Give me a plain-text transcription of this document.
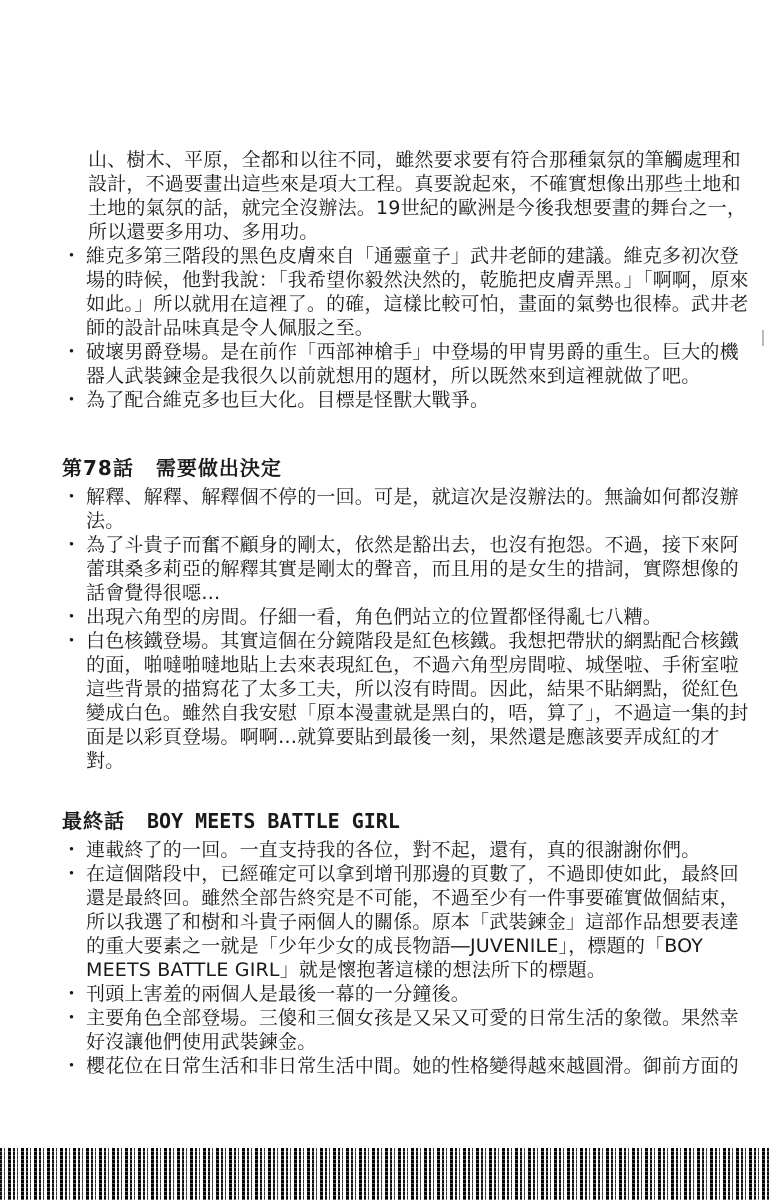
山、樹木、平原，全都和以往不同，雖然要求要有符合那種氣氛的筆觸處理和

設計，不過要畫出這些來是項大工程。真要說起來，不確實想像出那些土地和

土地的氣氛的話，就完全沒辦法。19世紀的歐洲是今後我想要畫的舞台之一，

所以還要多用功、多用功。

・ 維克多第三階段的黑色皮膚來自「通靈童子」武井老師的建議。維克多初次登場的時候，他對我說：「我希望你毅然決然的，乾脆把皮膚弄黑。」「啊啊，原來如此。」所以就用在這裡了。的確，這樣比較可怕，畫面的氣勢也很棒。武井老師的設計品味真是令人佩服之至。
・ 破壞男爵登場。是在前作「西部神槍手」中登場的甲冑男爵的重生。巨大的機器人武裝鍊金是我很久以前就想用的題材，所以既然來到這裡就做了吧。
・ 為了配合維克多也巨大化。目標是怪獸大戰爭。
第78話 需要做出決定
・ 解釋、解釋、解釋個不停的一回。可是，就這次是沒辦法的。無論如何都沒辦法。
・ 為了斗貴子而奮不顧身的剛太，依然是豁出去，也沒有抱怨。不過，接下來阿蕾琪桑多莉亞的解釋其實是剛太的聲音，而且用的是女生的措詞，實際想像的話會覺得很噁…
・ 出現六角型的房間。仔細一看，角色們站立的位置都怪得亂七八糟。
・ 白色核鐵登場。其實這個在分鏡階段是紅色核鐵。我想把帶狀的網點配合核鐵的面，啪噠啪噠地貼上去來表現紅色，不過六角型房間啦、城堡啦、手術室啦這些背景的描寫花了太多工夫，所以沒有時間。因此，結果不貼網點，從紅色變成白色。雖然自我安慰「原本漫畫就是黑白的，唔，算了」，不過這一集的封面是以彩頁登場。啊啊…就算要貼到最後一刻，果然還是應該要弄成紅的才對。
最終話 BOY MEETS BATTLE GIRL
・ 連載終了的一回。一直支持我的各位，對不起，還有，真的很謝謝你們。
・ 在這個階段中，已經確定可以拿到增刊那邊的頁數了，不過即使如此，最終回還是最終回。雖然全部告終究是不可能，不過至少有一件事要確實做個結束，所以我選了和樹和斗貴子兩個人的關係。原本「武裝鍊金」這部作品想要表達的重大要素之一就是「少年少女的成長物語―JUVENILE」，標題的「BOY MEETS BATTLE GIRL」就是懷抱著這樣的想法所下的標題。
・ 刊頭上害羞的兩個人是最後一幕的一分鐘後。
・ 主要角色全部登場。三傻和三個女孩是又呆又可愛的日常生活的象徵。果然幸好沒讓他們使用武裝鍊金。
・ 櫻花位在日常生活和非日常生活中間。她的性格變得越來越圓滑。御前方面的
